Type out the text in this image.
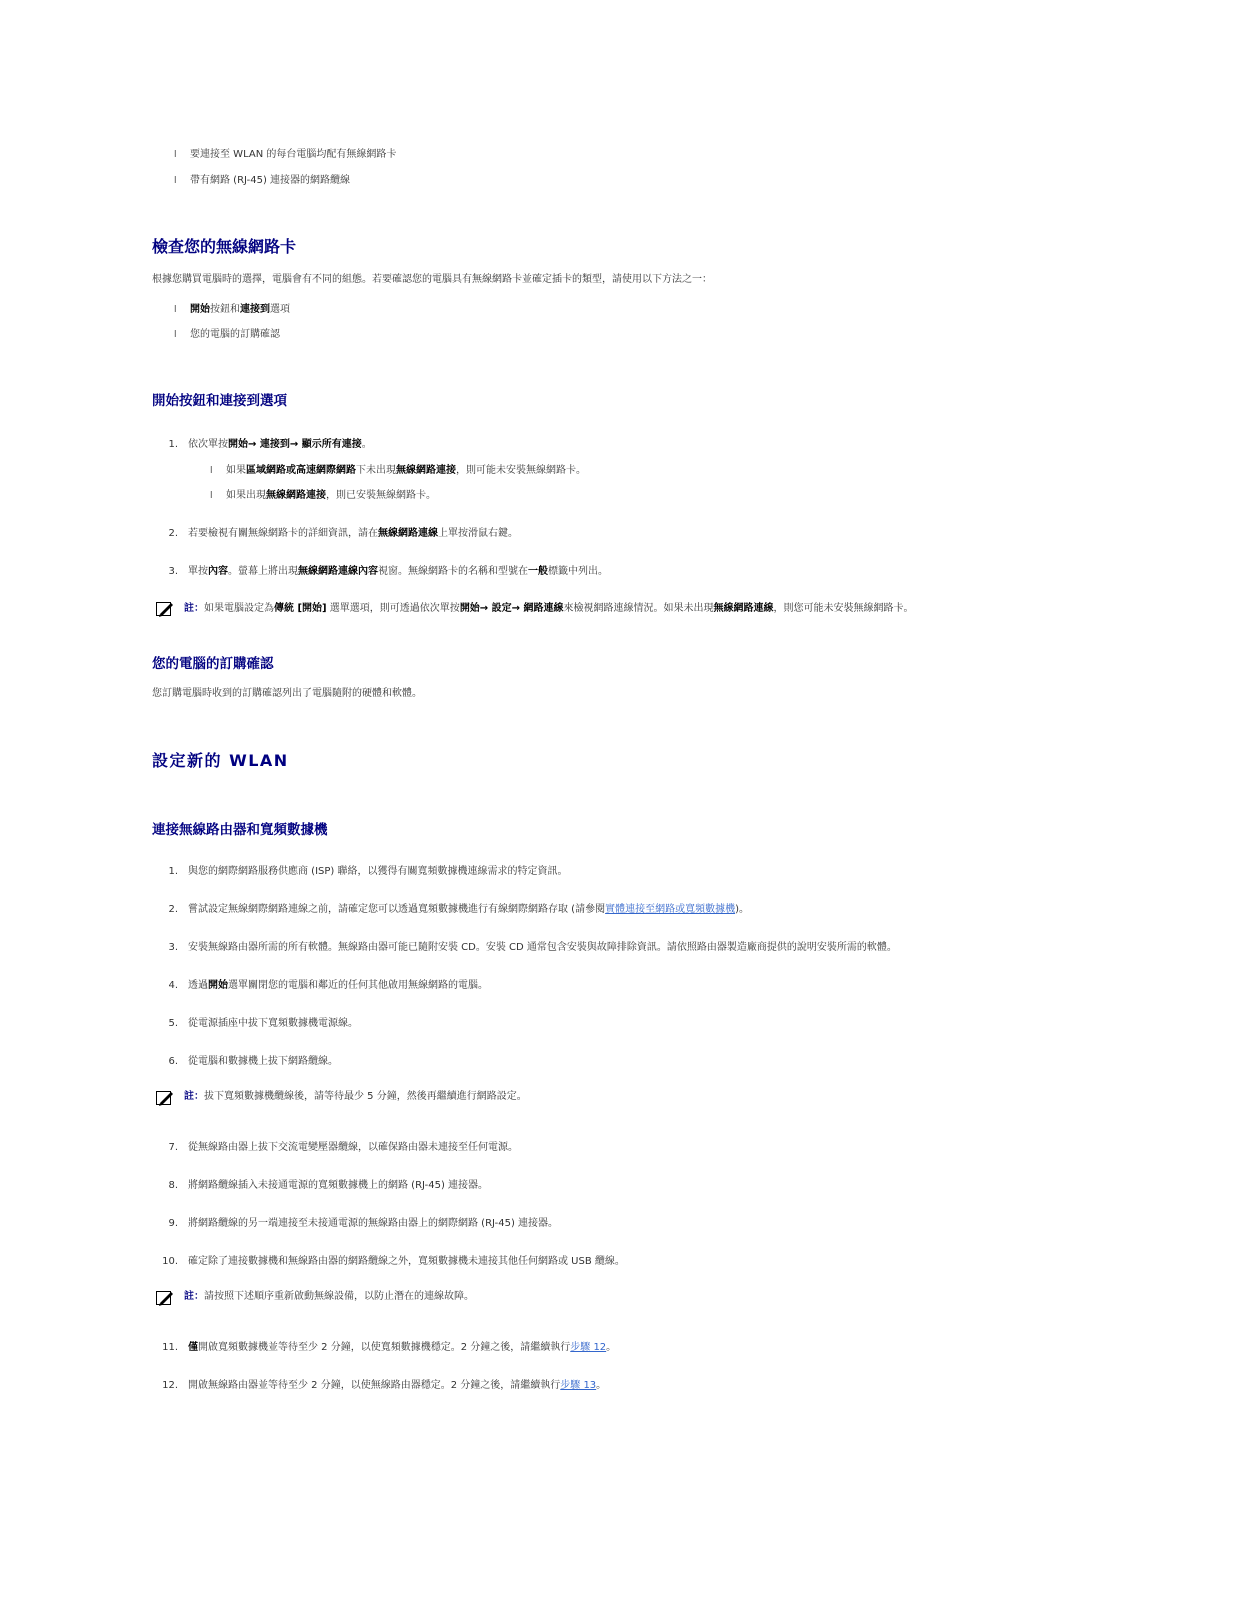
l 要連接至 WLAN 的每台電腦均配有無線網路卡
l 帶有網路 (RJ-45) 連接器的網路纜線
檢查您的無線網路卡
根據您購買電腦時的選擇，電腦會有不同的組態。若要確認您的電腦具有無線網路卡並確定插卡的類型，請使用以下方法之一：
l 開始按鈕和連接到選項
l 您的電腦的訂購確認
開始按鈕和連接到選項
1. 依次單按開始→ 連接到→ 顯示所有連接。
l 如果區域網路或高速網際網路下未出現無線網路連接，則可能未安裝無線網路卡。
l 如果出現無線網路連接，則已安裝無線網路卡。
2. 若要檢視有關無線網路卡的詳細資訊，請在無線網路連線上單按滑鼠右鍵。
3. 單按內容。螢幕上將出現無線網路連線內容視窗。無線網路卡的名稱和型號在一般標籤中列出。
註：如果電腦設定為傳統 [開始] 選單選項，則可透過依次單按開始→ 設定→ 網路連線來檢視網路連線情況。如果未出現無線網路連線，則您可能未安裝無線網路卡。
您的電腦的訂購確認
您訂購電腦時收到的訂購確認列出了電腦隨附的硬體和軟體。
設定新的 WLAN
連接無線路由器和寬頻數據機
1. 與您的網際網路服務供應商 (ISP) 聯絡，以獲得有關寬頻數據機連線需求的特定資訊。
2. 嘗試設定無線網際網路連線之前，請確定您可以透過寬頻數據機進行有線網際網路存取 (請參閱實體連接至網路或寬頻數據機)。
3. 安裝無線路由器所需的所有軟體。無線路由器可能已隨附安裝 CD。安裝 CD 通常包含安裝與故障排除資訊。請依照路由器製造廠商提供的說明安裝所需的軟體。
4. 透過開始選單關閉您的電腦和鄰近的任何其他啟用無線網路的電腦。
5. 從電源插座中拔下寬頻數據機電源線。
6. 從電腦和數據機上拔下網路纜線。
註：拔下寬頻數據機纜線後，請等待最少 5 分鐘，然後再繼續進行網路設定。
7. 從無線路由器上拔下交流電變壓器纜線，以確保路由器未連接至任何電源。
8. 將網路纜線插入未接通電源的寬頻數據機上的網路 (RJ-45) 連接器。
9. 將網路纜線的另一端連接至未接通電源的無線路由器上的網際網路 (RJ-45) 連接器。
10. 確定除了連接數據機和無線路由器的網路纜線之外，寬頻數據機未連接其他任何網路或 USB 纜線。
註：請按照下述順序重新啟動無線設備，以防止潛在的連線故障。
11. 僅開啟寬頻數據機並等待至少 2 分鐘，以使寬頻數據機穩定。2 分鐘之後，請繼續執行步驟 12。
12. 開啟無線路由器並等待至少 2 分鐘，以使無線路由器穩定。2 分鐘之後，請繼續執行步驟 13。
